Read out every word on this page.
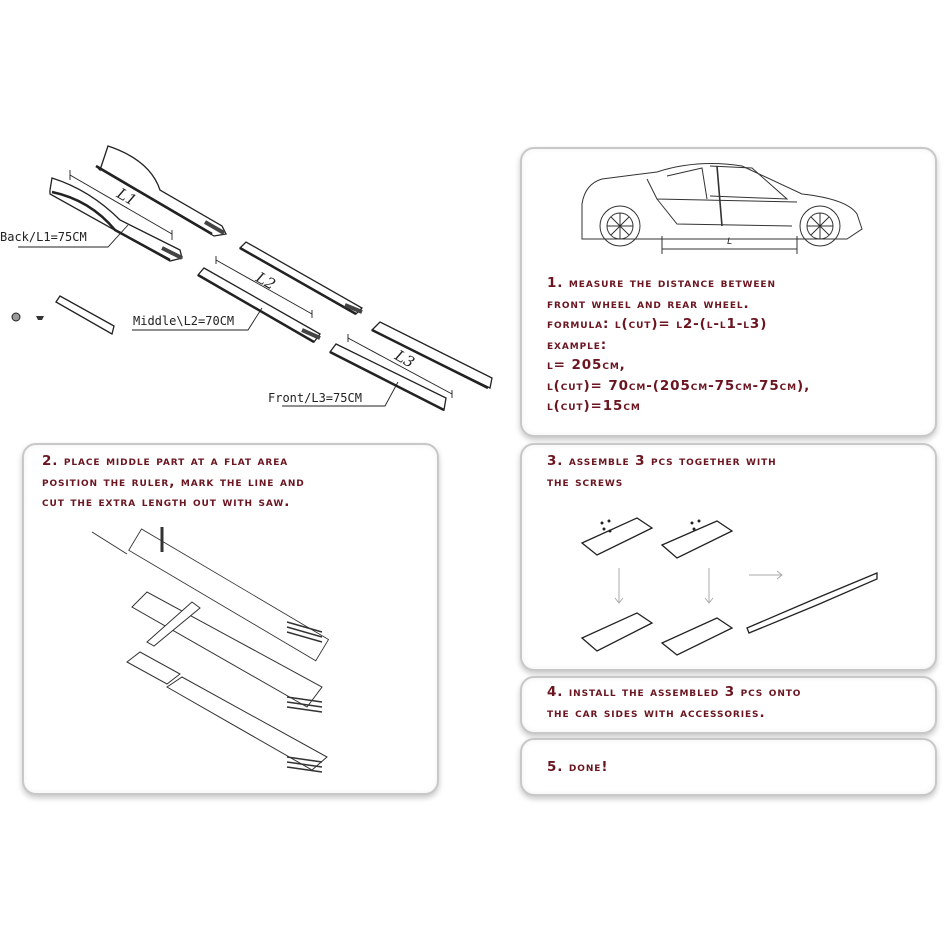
L1
L2
L3
Back/L1=75CM
Middle\L2=70CM
Front/L3=75CM
L
1. measure the distance between
front wheel and rear wheel.
formula: l(cut)= l2-(l-l1-l3)
example:
l= 205cm,
l(cut)= 70cm-(205cm-75cm-75cm),
l(cut)=15cm
2. place middle part at a flat area
position the ruler, mark the line and
cut the extra length out with saw.
3. assemble 3 pcs together with
the screws
4. install the assembled 3 pcs onto
the car sides with accessories.
5. done!
